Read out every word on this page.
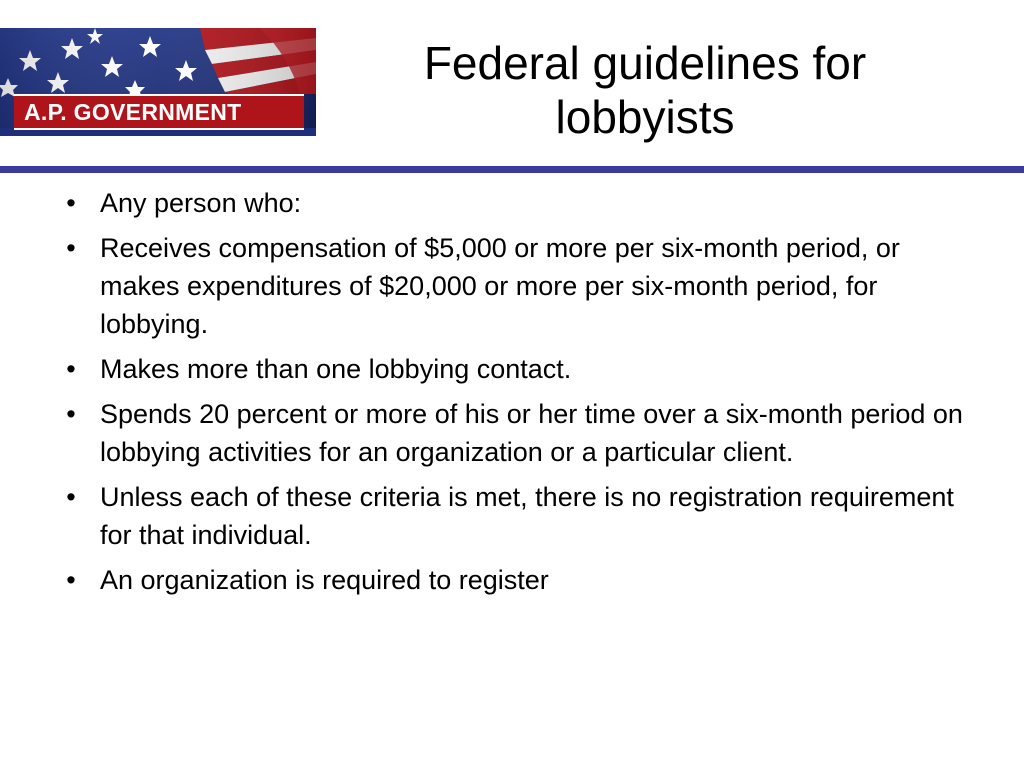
A.P. GOVERNMENT
Federal guidelines for lobbyists
• Any person who:
• Receives compensation of $5,000 or more per six-month period, or makes expenditures of $20,000 or more per six-month period, for lobbying.
• Makes more than one lobbying contact.
• Spends 20 percent or more of his or her time over a six-month period on lobbying activities for an organization or a particular client.
• Unless each of these criteria is met, there is no registration requirement for that individual.
• An organization is required to register
